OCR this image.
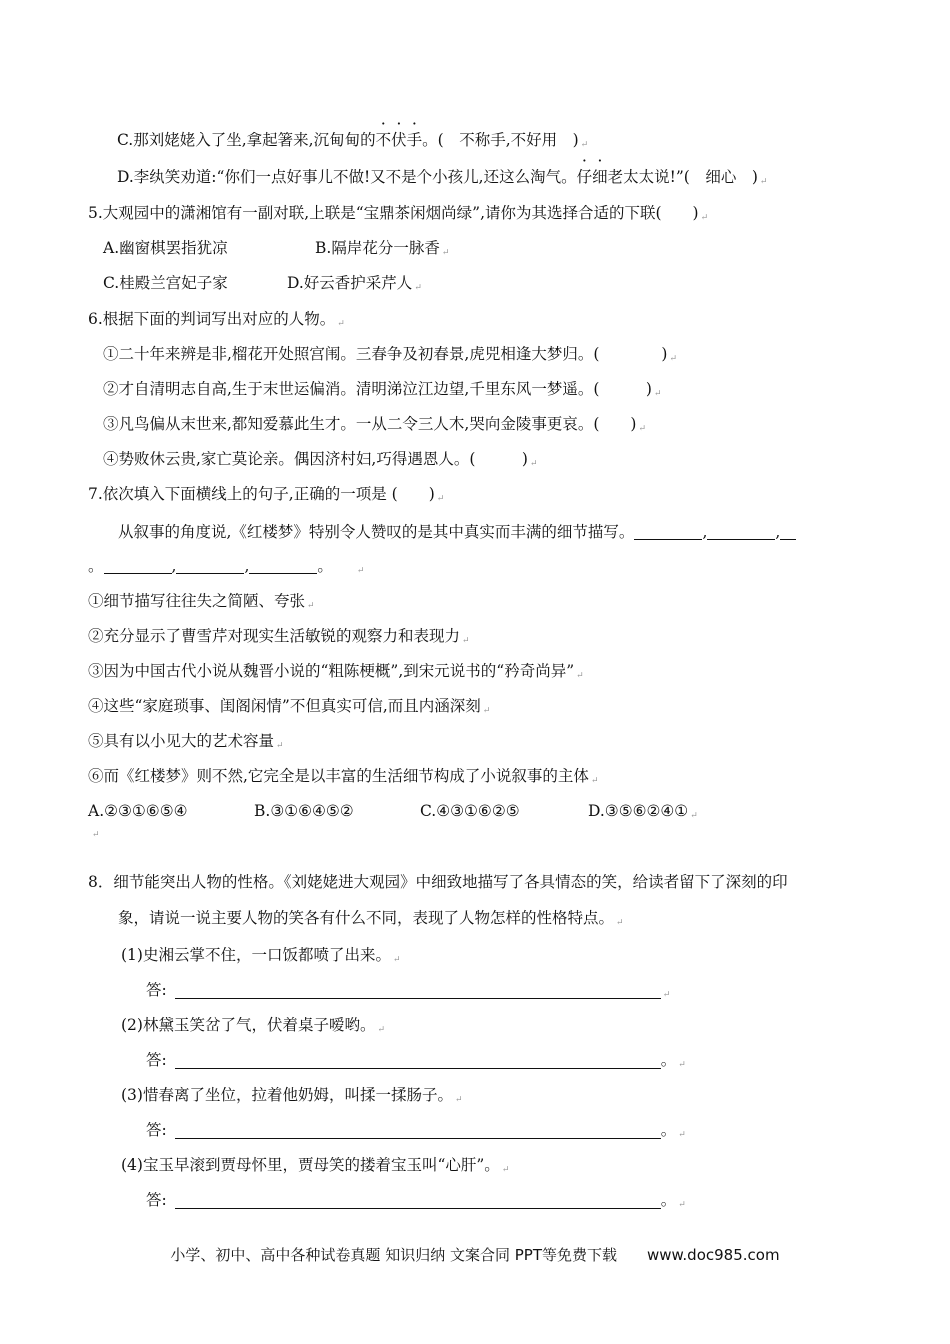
C.那刘姥姥入了坐,拿起箸来,沉甸甸的不伏手。(　不称手,不好用　) ↵
D.李纨笑劝道:“你们一点好事儿不做!又不是个小孩儿,还这么淘气。仔细老太太说!”(　细心　) ↵
5.大观园中的潇湘馆有一副对联,上联是“宝鼎茶闲烟尚绿”,请你为其选择合适的下联(　　) ↵
A.幽窗棋罢指犹凉	B.隔岸花分一脉香 ↵
C.桂殿兰宫妃子家	D.好云香护采芹人 ↵
6.根据下面的判词写出对应的人物。 ↵
①二十年来辨是非,榴花开处照宫闱。三春争及初春景,虎兕相逢大梦归。(　　　　) ↵
②才自清明志自高,生于末世运偏消。清明涕泣江边望,千里东风一梦遥。(　　　) ↵
③凡鸟偏从末世来,都知爱慕此生才。一从二令三人木,哭向金陵事更哀。(　　) ↵
④势败休云贵,家亡莫论亲。偶因济村妇,巧得遇恩人。(　　　) ↵
7.依次填入下面横线上的句子,正确的一项是 (　　) ↵
从叙事的角度说,《红楼梦》特别令人赞叹的是其中真实而丰满的细节描写。	,	,
。	,	,	。	↵
①细节描写往往失之简陋、夸张 ↵
②充分显示了曹雪芹对现实生活敏锐的观察力和表现力 ↵
③因为中国古代小说从魏晋小说的“粗陈梗概”,到宋元说书的“矜奇尚异” ↵
④这些“家庭琐事、闺阁闲情”不但真实可信,而且内涵深刻 ↵
⑤具有以小见大的艺术容量 ↵
⑥而《红楼梦》则不然,它完全是以丰富的生活细节构成了小说叙事的主体 ↵
A.②③①⑥⑤④	B.③①⑥④⑤②	C.④③①⑥②⑤	D.③⑤⑥②④① ↵
↵
8．细节能突出人物的性格。《刘姥姥进大观园》中细致地描写了各具情态的笑，给读者留下了深刻的印
象，请说一说主要人物的笑各有什么不同，表现了人物怎样的性格特点。 ↵
(1)史湘云掌不住，一口饭都喷了出来。 ↵
答:	↵
(2)林黛玉笑岔了气，伏着桌子嗳哟。 ↵
答:	。 ↵
(3)惜春离了坐位，拉着他奶姆，叫揉一揉肠子。 ↵
答:	。 ↵
(4)宝玉早滚到贾母怀里，贾母笑的搂着宝玉叫“心肝”。 ↵
答:	。 ↵
小学、初中、高中各种试卷真题 知识归纳 文案合同 PPT等免费下载 www.doc985.com
